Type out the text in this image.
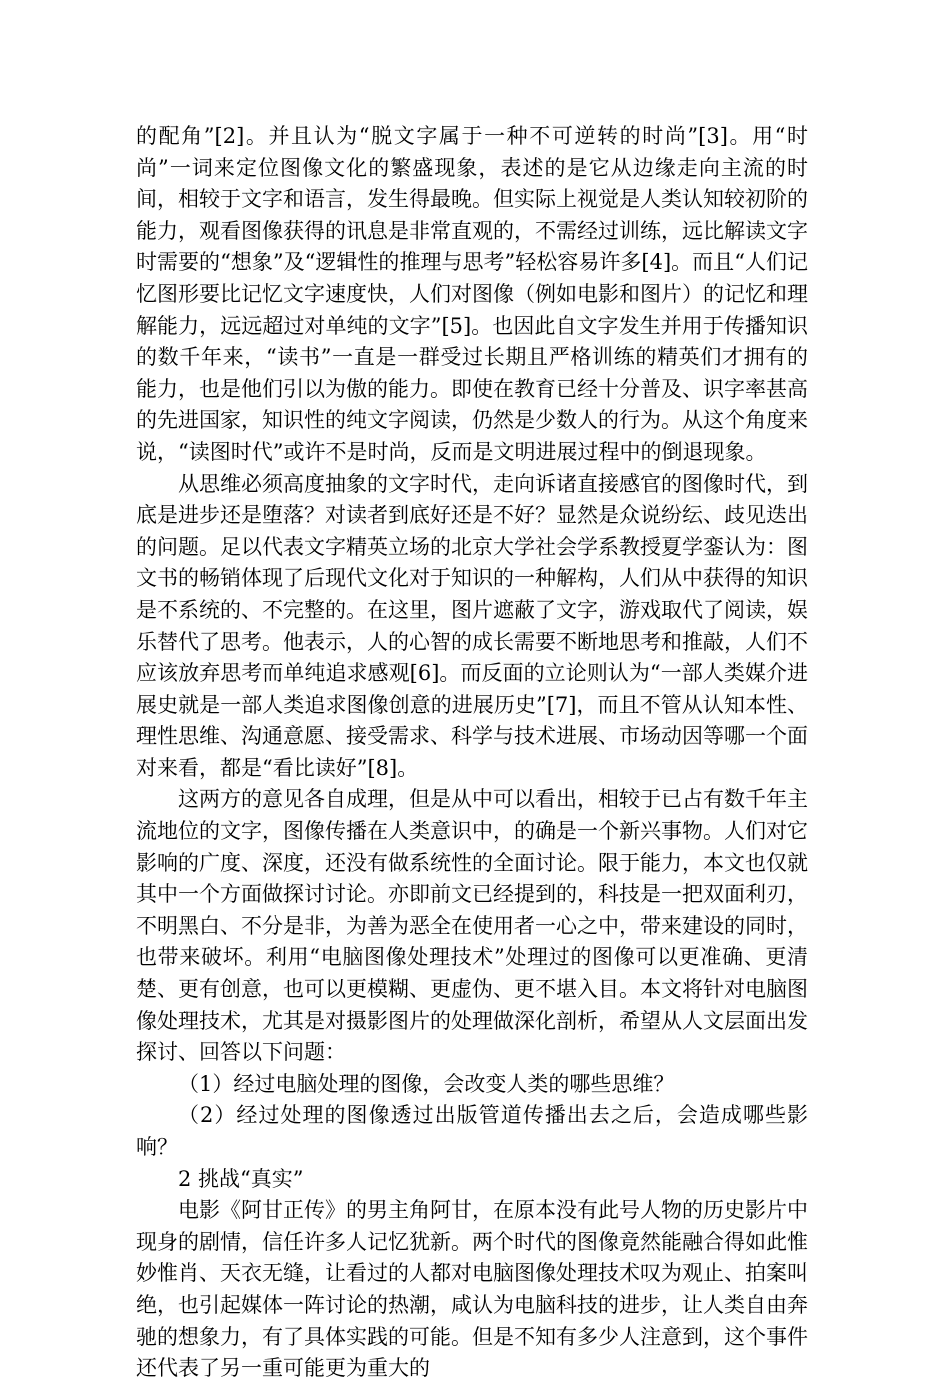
的配角”[2]。并且认为“脱文字属于一种不可逆转的时尚”[3]。用“时尚”一词来定位图像文化的繁盛现象，表述的是它从边缘走向主流的时间，相较于文字和语言，发生得最晚。但实际上视觉是人类认知较初阶的能力，观看图像获得的讯息是非常直观的，不需经过训练，远比解读文字时需要的“想象”及“逻辑性的推理与思考”轻松容易许多[4]。而且“人们记忆图形要比记忆文字速度快，人们对图像（例如电影和图片）的记忆和理解能力，远远超过对单纯的文字”[5]。也因此自文字发生并用于传播知识的数千年来，“读书”一直是一群受过长期且严格训练的精英们才拥有的能力，也是他们引以为傲的能力。即使在教育已经十分普及、识字率甚高的先进国家，知识性的纯文字阅读，仍然是少数人的行为。从这个角度来说，“读图时代”或许不是时尚，反而是文明进展过程中的倒退现象。

从思维必须高度抽象的文字时代，走向诉诸直接感官的图像时代，到底是进步还是堕落？对读者到底好还是不好？显然是众说纷纭、歧见迭出的问题。足以代表文字精英立场的北京大学社会学系教授夏学銮认为：图文书的畅销体现了后现代文化对于知识的一种解构，人们从中获得的知识是不系统的、不完整的。在这里，图片遮蔽了文字，游戏取代了阅读，娱乐替代了思考。他表示，人的心智的成长需要不断地思考和推敲，人们不应该放弃思考而单纯追求感观[6]。而反面的立论则认为“一部人类媒介进展史就是一部人类追求图像创意的进展历史”[7]，而且不管从认知本性、理性思维、沟通意愿、接受需求、科学与技术进展、市场动因等哪一个面对来看，都是“看比读好”[8]。

这两方的意见各自成理，但是从中可以看出，相较于已占有数千年主流地位的文字，图像传播在人类意识中，的确是一个新兴事物。人们对它影响的广度、深度，还没有做系统性的全面讨论。限于能力，本文也仅就其中一个方面做探讨讨论。亦即前文已经提到的，科技是一把双面利刃，不明黑白、不分是非，为善为恶全在使用者一心之中，带来建设的同时，也带来破坏。利用“电脑图像处理技术”处理过的图像可以更准确、更清楚、更有创意，也可以更模糊、更虚伪、更不堪入目。本文将针对电脑图像处理技术，尤其是对摄影图片的处理做深化剖析，希望从人文层面出发探讨、回答以下问题：

（1）经过电脑处理的图像，会改变人类的哪些思维？

（2）经过处理的图像透过出版管道传播出去之后，会造成哪些影响？

2 挑战“真实”

电影《阿甘正传》的男主角阿甘，在原本没有此号人物的历史影片中现身的剧情，信任许多人记忆犹新。两个时代的图像竟然能融合得如此惟妙惟肖、天衣无缝，让看过的人都对电脑图像处理技术叹为观止、拍案叫绝，也引起媒体一阵讨论的热潮，咸认为电脑科技的进步，让人类自由奔驰的想象力，有了具体实践的可能。但是不知有多少人注意到，这个事件还代表了另一重可能更为重大的
